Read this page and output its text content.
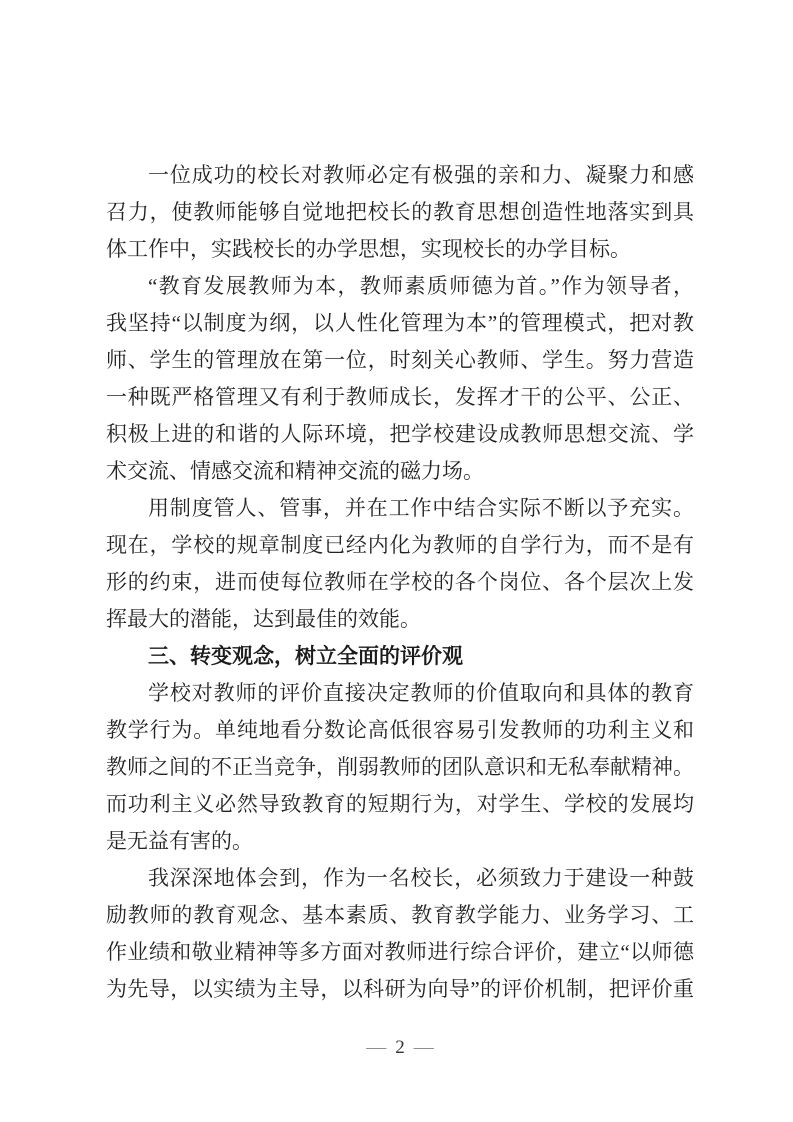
一位成功的校长对教师必定有极强的亲和力、凝聚力和感
召力，使教师能够自觉地把校长的教育思想创造性地落实到具
体工作中，实践校长的办学思想，实现校长的办学目标。
“教育发展教师为本，教师素质师德为首。”作为领导者，
我坚持“以制度为纲，以人性化管理为本”的管理模式，把对教
师、学生的管理放在第一位，时刻关心教师、学生。努力营造
一种既严格管理又有利于教师成长，发挥才干的公平、公正、
积极上进的和谐的人际环境，把学校建设成教师思想交流、学
术交流、情感交流和精神交流的磁力场。
用制度管人、管事，并在工作中结合实际不断以予充实。
现在，学校的规章制度已经内化为教师的自学行为，而不是有
形的约束，进而使每位教师在学校的各个岗位、各个层次上发
挥最大的潜能，达到最佳的效能。
三、转变观念，树立全面的评价观
学校对教师的评价直接决定教师的价值取向和具体的教育
教学行为。单纯地看分数论高低很容易引发教师的功利主义和
教师之间的不正当竞争，削弱教师的团队意识和无私奉献精神。
而功利主义必然导致教育的短期行为，对学生、学校的发展均
是无益有害的。
我深深地体会到，作为一名校长，必须致力于建设一种鼓
励教师的教育观念、基本素质、教育教学能力、业务学习、工
作业绩和敬业精神等多方面对教师进行综合评价，建立“以师德
为先导，以实绩为主导，以科研为向导”的评价机制，把评价重
— 2 —
